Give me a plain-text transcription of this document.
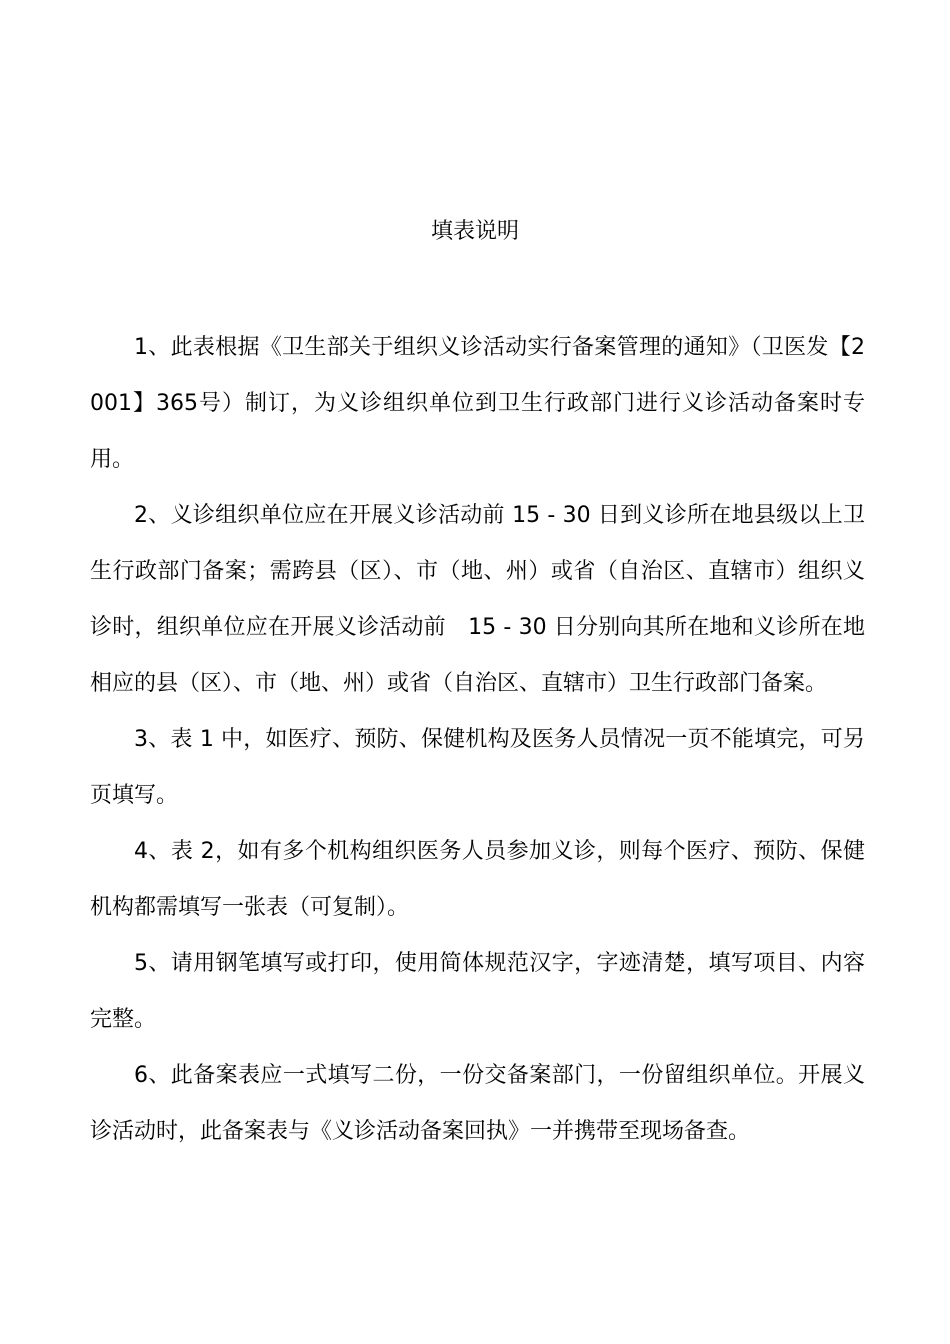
填表说明

1、此表根据《卫生部关于组织义诊活动实行备案管理的通知》（卫医发【2001】365号）制订，为义诊组织单位到卫生行政部门进行义诊活动备案时专用。

2、义诊组织单位应在开展义诊活动前 15 - 30 日到义诊所在地县级以上卫生行政部门备案；需跨县（区）、市（地、州）或省（自治区、直辖市）组织义诊时，组织单位应在开展义诊活动前　15 - 30 日分别向其所在地和义诊所在地相应的县（区）、市（地、州）或省（自治区、直辖市）卫生行政部门备案。

3、表 1 中，如医疗、预防、保健机构及医务人员情况一页不能填完，可另页填写。

4、表 2，如有多个机构组织医务人员参加义诊，则每个医疗、预防、保健机构都需填写一张表（可复制）。

5、请用钢笔填写或打印，使用简体规范汉字，字迹清楚，填写项目、内容完整。

6、此备案表应一式填写二份，一份交备案部门，一份留组织单位。开展义诊活动时，此备案表与《义诊活动备案回执》一并携带至现场备查。
